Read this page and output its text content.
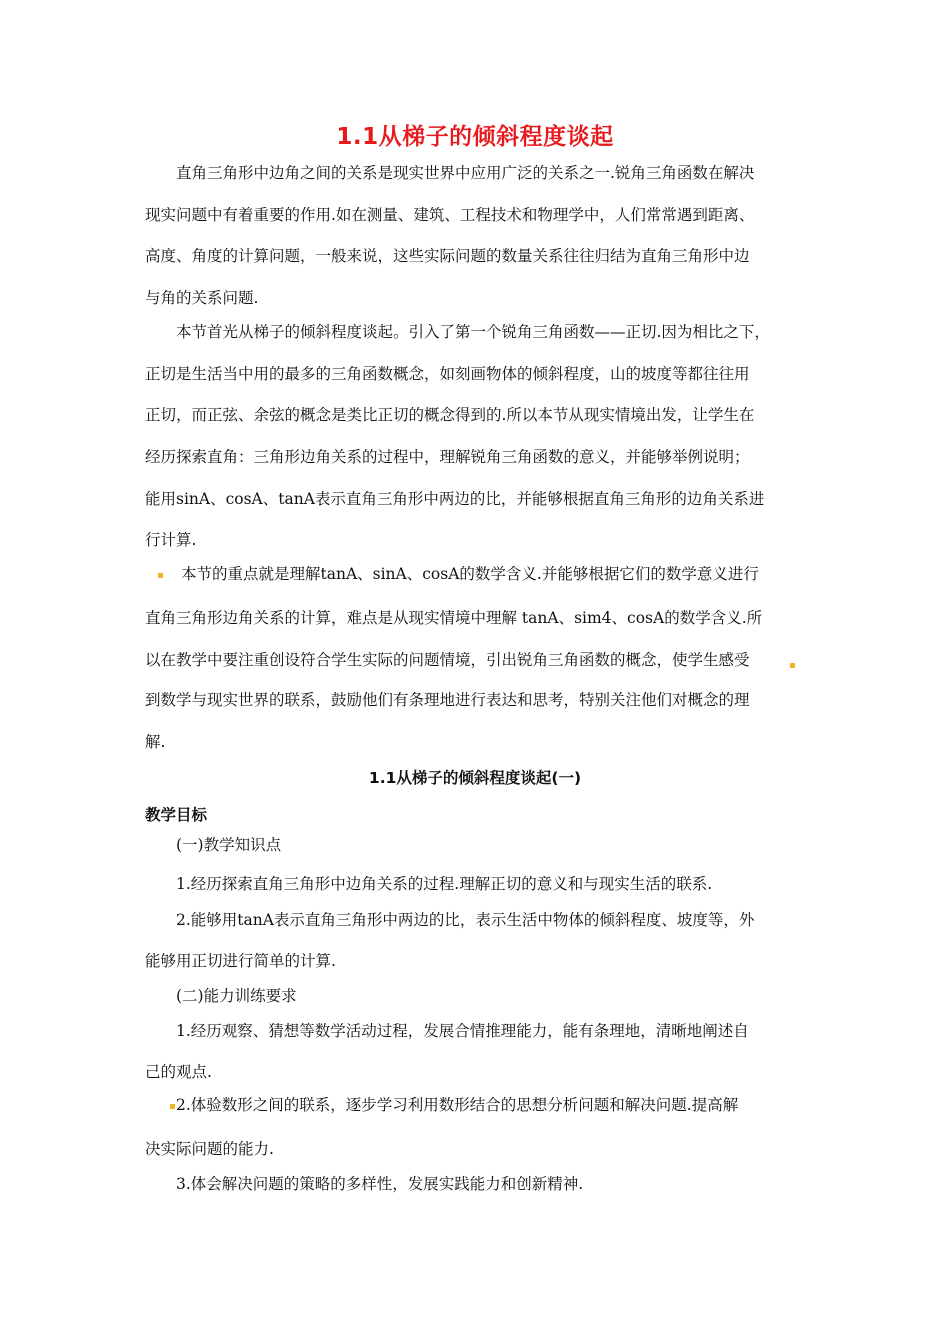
1.1从梯子的倾斜程度谈起
直角三角形中边角之间的关系是现实世界中应用广泛的关系之一.锐角三角函数在解决
现实问题中有着重要的作用.如在测量、建筑、工程技术和物理学中，人们常常遇到距离、
高度、角度的计算问题，一般来说，这些实际问题的数量关系往往归结为直角三角形中边
与角的关系问题.
本节首光从梯子的倾斜程度谈起。引入了第一个锐角三角函数——正切.因为相比之下，
正切是生活当中用的最多的三角函数概念，如刻画物体的倾斜程度，山的坡度等都往往用
正切，而正弦、余弦的概念是类比正切的概念得到的.所以本节从现实情境出发，让学生在
经历探索直角：三角形边角关系的过程中，理解锐角三角函数的意义，并能够举例说明；
能用sinA、cosA、tanA表示直角三角形中两边的比，并能够根据直角三角形的边角关系进
行计算.
本节的重点就是理解tanA、sinA、cosA的数学含义.并能够根据它们的数学意义进行
直角三角形边角关系的计算，难点是从现实情境中理解 tanA、sim4、cosA的数学含义.所
以在教学中要注重创设符合学生实际的问题情境，引出锐角三角函数的概念，使学生感受
到数学与现实世界的联系，鼓励他们有条理地进行表达和思考，特别关注他们对概念的理
解.
1.1从梯子的倾斜程度谈起(一)
教学目标
(一)教学知识点
1.经历探索直角三角形中边角关系的过程.理解正切的意义和与现实生活的联系.
2.能够用tanA表示直角三角形中两边的比，表示生活中物体的倾斜程度、坡度等，外
能够用正切进行简单的计算.
(二)能力训练要求
1.经历观察、猜想等数学活动过程，发展合情推理能力，能有条理地，清晰地阐述自
己的观点.
2.体验数形之间的联系，逐步学习利用数形结合的思想分析问题和解决问题.提高解
决实际问题的能力.
3.体会解决问题的策略的多样性，发展实践能力和创新精神.
